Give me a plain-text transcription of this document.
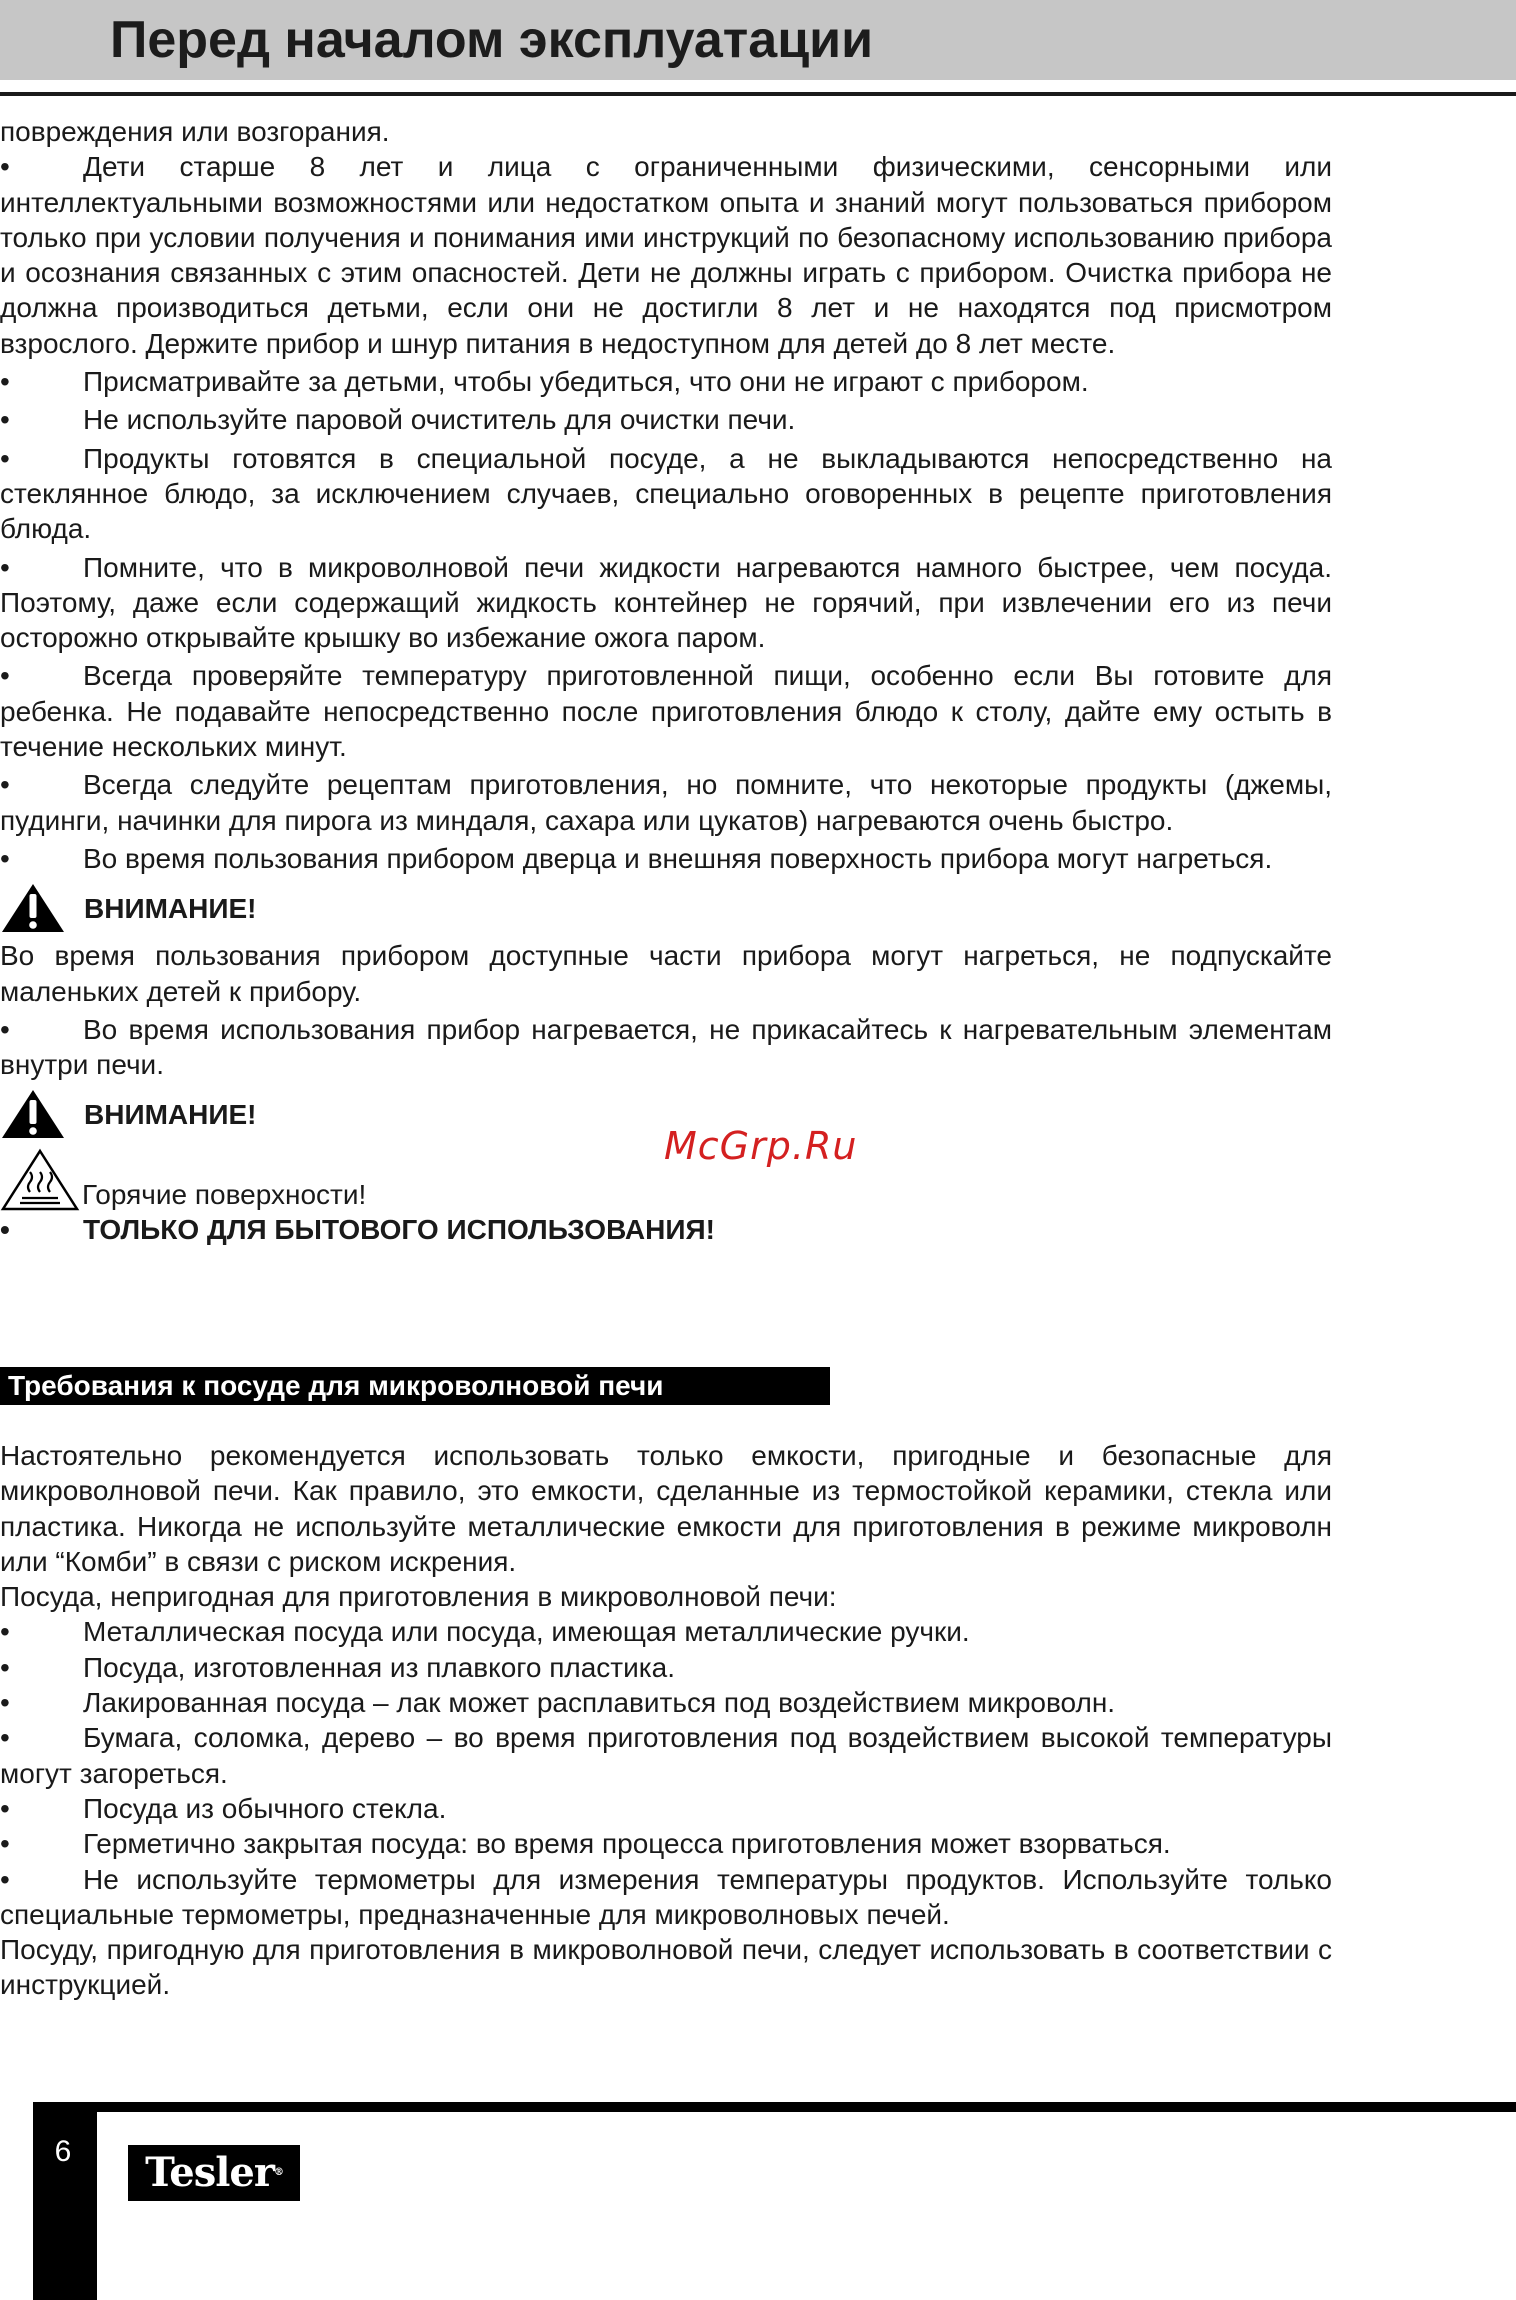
Перед началом эксплуатации

повреждения или возгорания.

•	Дети старше 8 лет и лица с ограниченными физическими, сенсорными или интеллектуальными возможностями или недостатком опыта и знаний могут пользоваться прибором только при условии получения и понимания ими инструкций по безопасному использованию прибора и осознания связанных с этим опасностей. Дети не должны играть с прибором. Очистка прибора не должна производиться детьми, если они не достигли 8 лет и не находятся под присмотром взрослого. Держите прибор и шнур питания в недоступном для детей до 8 лет месте.

•	Присматривайте за детьми, чтобы убедиться, что они не играют с прибором.

•	Не используйте паровой очиститель для очистки печи.

•	Продукты готовятся в специальной посуде, а не выкладываются непосредственно на стеклянное блюдо, за исключением случаев, специально оговоренных в рецепте приготовления блюда.

•	Помните, что в микроволновой печи жидкости нагреваются намного быстрее, чем посуда. Поэтому, даже если содержащий жидкость контейнер не горячий, при извлечении его из печи осторожно открывайте крышку во избежание ожога паром.

•	Всегда проверяйте температуру приготовленной пищи, особенно если Вы готовите для ребенка. Не подавайте непосредственно после приготовления блюдо к столу, дайте ему остыть в течение нескольких минут.

•	Всегда следуйте рецептам приготовления, но помните, что некоторые продукты (джемы, пудинги, начинки для пирога из миндаля, сахара или цукатов) нагреваются очень быстро.

•	Во время пользования прибором дверца и внешняя поверхность прибора могут нагреться.

ВНИМАНИЕ!

Во время пользования прибором доступные части прибора могут нагреться, не подпускайте маленьких детей к прибору.

•	Во время использования прибор нагревается, не прикасайтесь к нагревательным элементам внутри печи.

ВНИМАНИЕ!
Горячие поверхности!

•	ТОЛЬКО ДЛЯ БЫТОВОГО ИСПОЛЬЗОВАНИЯ!

Требования к посуде для микроволновой печи

Настоятельно рекомендуется использовать только емкости, пригодные и безопасные для микроволновой печи. Как правило, это емкости, сделанные из термостойкой керамики, стекла или пластика. Никогда не используйте металлические емкости для приготовления в режиме микроволн или “Комби” в связи с риском искрения.

Посуда, непригодная для приготовления в микроволновой печи:

•	Металлическая посуда или посуда, имеющая металлические ручки.

•	Посуда, изготовленная из плавкого пластика.

•	Лакированная посуда – лак может расплавиться под воздействием микроволн.

•	Бумага, соломка, дерево – во время приготовления под воздействием высокой температуры могут загореться.

•	Посуда из обычного стекла.

•	Герметично закрытая посуда: во время процесса приготовления может взорваться.

•	Не используйте термометры для измерения температуры продуктов. Используйте только специальные термометры, предназначенные для микроволновых печей.

Посуду, пригодную для приготовления в микроволновой печи, следует использовать в соответствии с инструкцией.

McGrp.Ru
6	Tesler®
